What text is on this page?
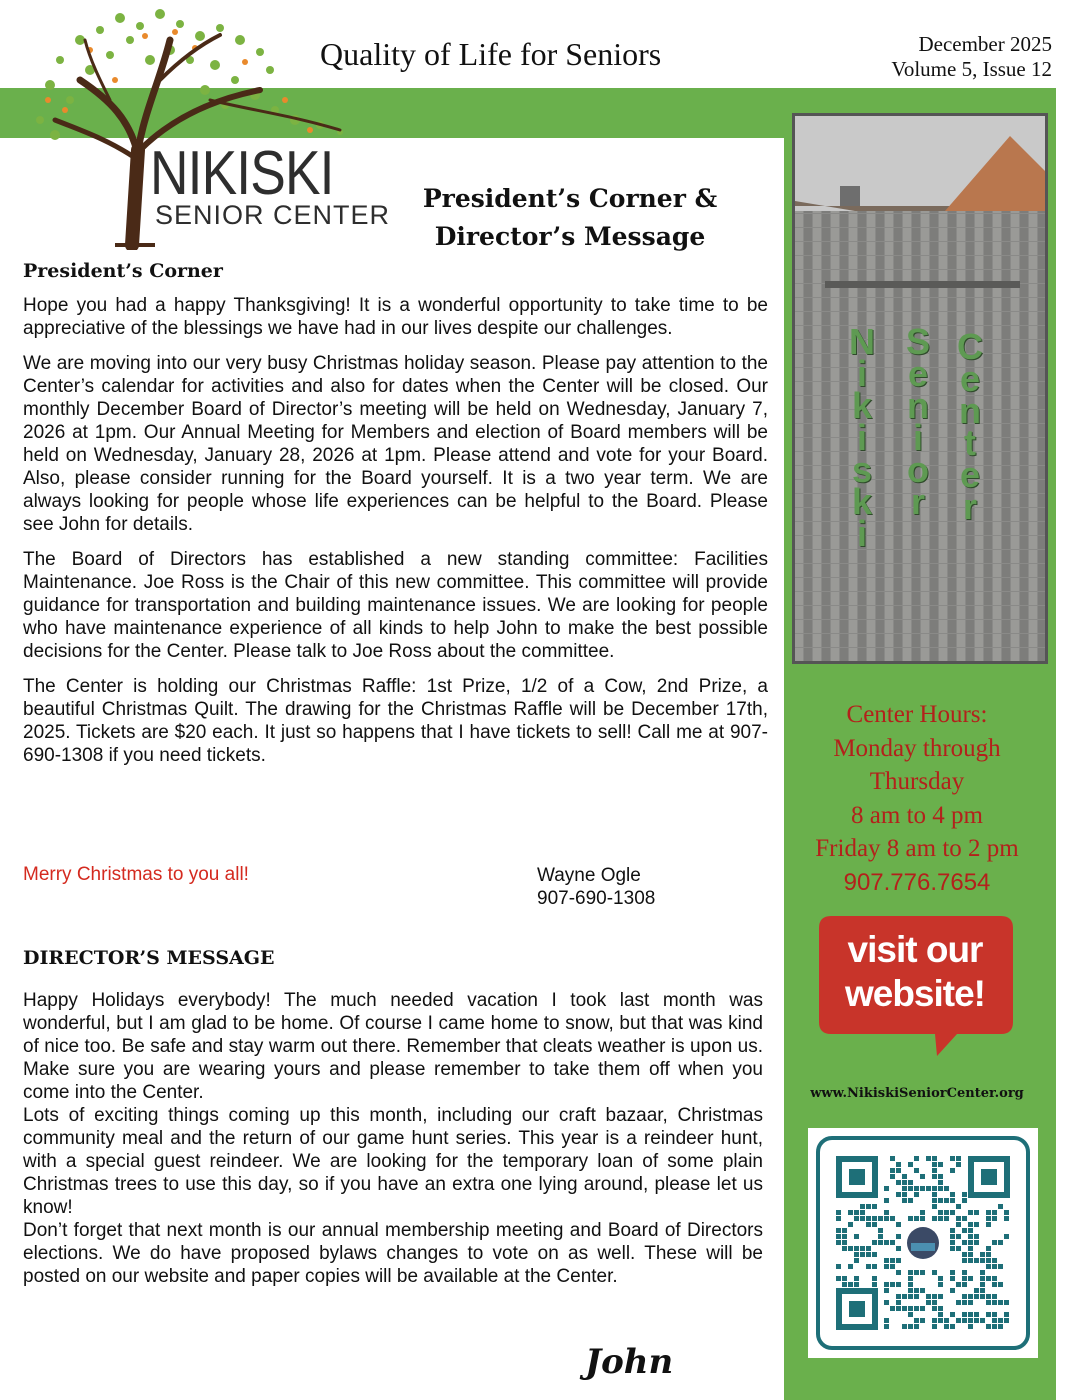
Quality of Life for Seniors	December 2025
Volume 5, Issue 12
NIKISKI
SENIOR CENTER
President’s Corner &
Director’s Message
President’s Corner

Hope you had a happy Thanksgiving! It is a wonderful opportunity to take time to be appreciative of the blessings we have had in our lives despite our challenges.

We are moving into our very busy Christmas holiday season. Please pay attention to the Center’s calendar for activities and also for dates when the Center will be closed. Our monthly December Board of Director’s meeting will be held on Wednesday, January 7, 2026 at 1pm. Our Annual Meeting for Members and election of Board members will be held on Wednesday, January 28, 2026 at 1pm. Please attend and vote for your Board. Also, please consider running for the Board yourself. It is a two year term. We are always looking for people whose life experiences can be helpful to the Board. Please see John for details.

The Board of Directors has established a new standing committee: Facilities Maintenance. Joe Ross is the Chair of this new committee. This committee will provide guidance for transportation and building maintenance issues. We are looking for people who have maintenance experience of all kinds to help John to make the best possible decisions for the Center. Please talk to Joe Ross about the committee.

The Center is holding our Christmas Raffle: 1st Prize, 1/2 of a Cow, 2nd Prize, a beautiful Christmas Quilt. The drawing for the Christmas Raffle will be December 17th, 2025. Tickets are $20 each. It just so happens that I have tickets to sell! Call me at 907-690-1308 if you need tickets.

Merry Christmas to you all!	Wayne Ogle
907-690-1308
DIRECTOR’S MESSAGE

Happy Holidays everybody! The much needed vacation I took last month was wonderful, but I am glad to be home. Of course I came home to snow, but that was kind of nice too. Be safe and stay warm out there. Remember that cleats weather is upon us. Make sure you are wearing yours and please remember to take them off when you come into the Center.

Lots of exciting things coming up this month, including our craft bazaar, Christmas community meal and the return of our game hunt series. This year is a reindeer hunt, with a special guest reindeer. We are looking for the temporary loan of some plain Christmas trees to use this day, so if you have an extra one lying around, please let us know!

Don’t forget that next month is our annual membership meeting and Board of Directors elections. We do have proposed bylaws changes to vote on as well. These will be posted on our website and paper copies will be available at the Center.

John
Nikiski
Senior
Center
Center Hours:
Monday through
Thursday
8 am to 4 pm
Friday 8 am to 2 pm
907.776.7654
visit our
website!
www.NikiskiSeniorCenter.org
